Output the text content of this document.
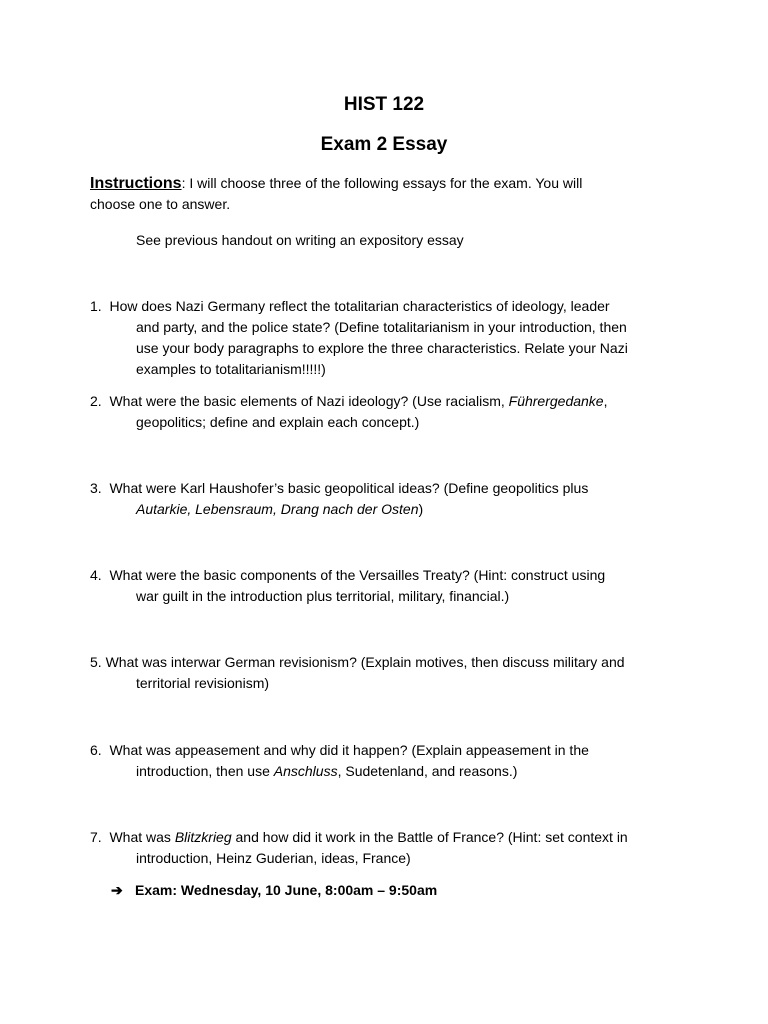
HIST 122
Exam 2 Essay
Instructions: I will choose three of the following essays for the exam. You will
choose one to answer.
See previous handout on writing an expository essay
1. How does Nazi Germany reflect the totalitarian characteristics of ideology, leader
and party, and the police state? (Define totalitarianism in your introduction, then
use your body paragraphs to explore the three characteristics. Relate your Nazi
examples to totalitarianism!!!!!)
2. What were the basic elements of Nazi ideology? (Use racialism, Führergedanke,
geopolitics; define and explain each concept.)
3. What were Karl Haushofer’s basic geopolitical ideas? (Define geopolitics plus
Autarkie, Lebensraum, Drang nach der Osten)
4. What were the basic components of the Versailles Treaty? (Hint: construct using
war guilt in the introduction plus territorial, military, financial.)
5. What was interwar German revisionism? (Explain motives, then discuss military and
territorial revisionism)
6. What was appeasement and why did it happen? (Explain appeasement in the
introduction, then use Anschluss, Sudetenland, and reasons.)
7. What was Blitzkrieg and how did it work in the Battle of France? (Hint: set context in
introduction, Heinz Guderian, ideas, France)
➔ Exam: Wednesday, 10 June, 8:00am – 9:50am
